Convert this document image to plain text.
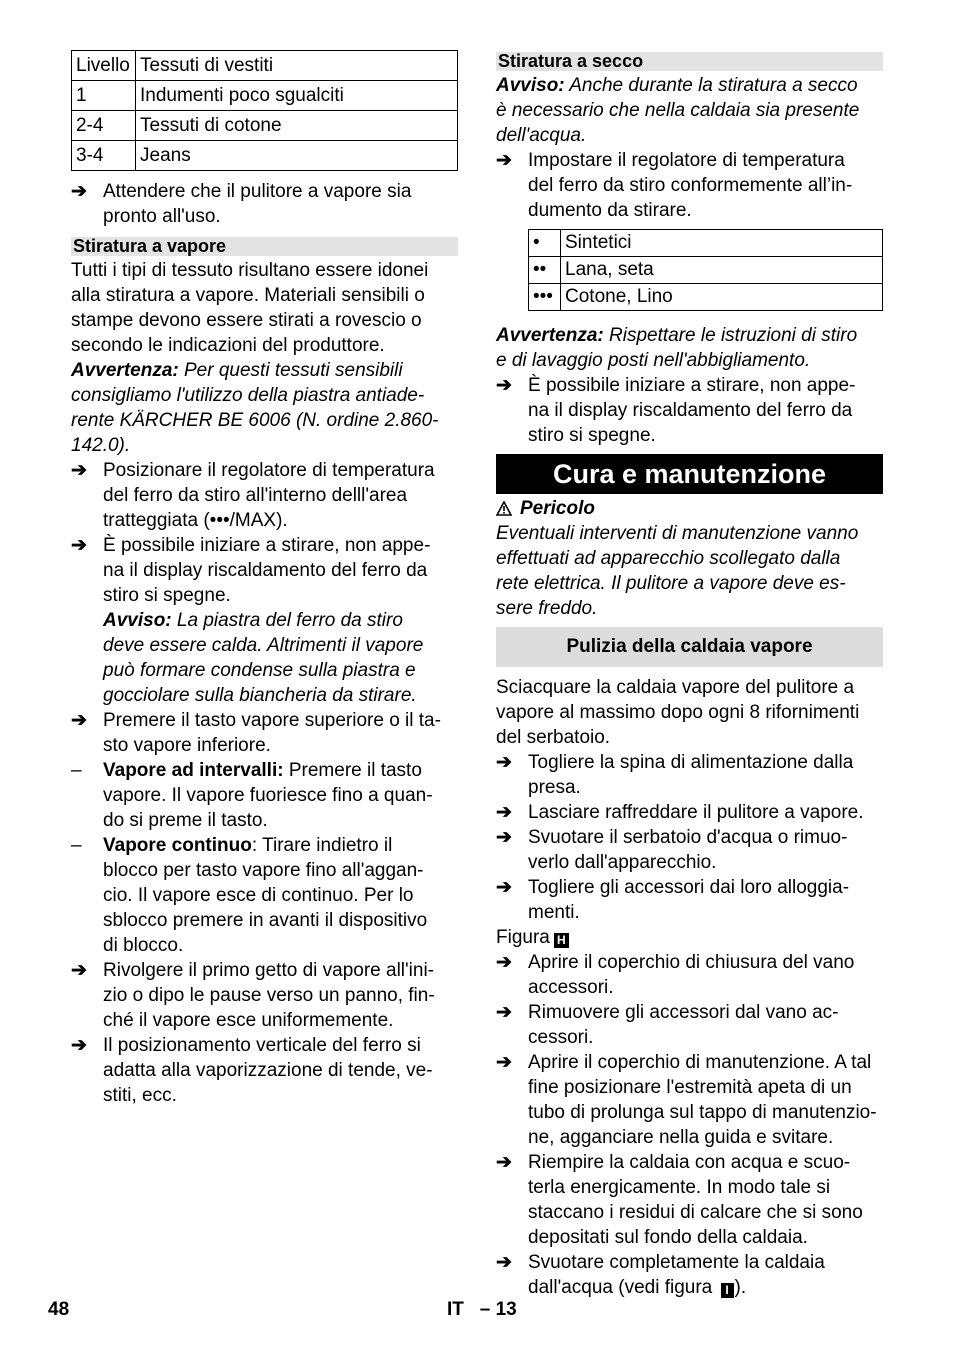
Livello	Tessuti di vestiti
1	Indumenti poco sgualciti
2-4	Tessuti di cotone
3-4	Jeans
➔ Attendere che il pulitore a vapore sia
pronto all'uso.
Stiratura a vapore
Tutti i tipi di tessuto risultano essere idonei
alla stiratura a vapore. Materiali sensibili o
stampe devono essere stirati a rovescio o
secondo le indicazioni del produttore.
Avvertenza: Per questi tessuti sensibili
consigliamo l'utilizzo della piastra antiade-
rente KÄRCHER BE 6006 (N. ordine 2.860-
142.0).
➔ Posizionare il regolatore di temperatura
del ferro da stiro all'interno delll'area
tratteggiata (•••/MAX).
➔ È possibile iniziare a stirare, non appe-
na il display riscaldamento del ferro da
stiro si spegne.
Avviso: La piastra del ferro da stiro
deve essere calda. Altrimenti il vapore
può formare condense sulla piastra e
gocciolare sulla biancheria da stirare.
➔ Premere il tasto vapore superiore o il ta-
sto vapore inferiore.
– Vapore ad intervalli: Premere il tasto
vapore. Il vapore fuoriesce fino a quan-
do si preme il tasto.
– Vapore continuo: Tirare indietro il
blocco per tasto vapore fino all'aggan-
cio. Il vapore esce di continuo. Per lo
sblocco premere in avanti il dispositivo
di blocco.
➔ Rivolgere il primo getto di vapore all'ini-
zio o dipo le pause verso un panno, fin-
ché il vapore esce uniformemente.
➔ Il posizionamento verticale del ferro si
adatta alla vaporizzazione di tende, ve-
stiti, ecc.
Stiratura a secco
Avviso: Anche durante la stiratura a secco
è necessario che nella caldaia sia presente
dell'acqua.
➔ Impostare il regolatore di temperatura
del ferro da stiro conformemente all’in-
dumento da stirare.
•	Sintetici
••	Lana, seta
•••	Cotone, Lino
Avvertenza: Rispettare le istruzioni di stiro
e di lavaggio posti nell'abbigliamento.
➔ È possibile iniziare a stirare, non appe-
na il display riscaldamento del ferro da
stiro si spegne.
Cura e manutenzione
Pericolo
Eventuali interventi di manutenzione vanno
effettuati ad apparecchio scollegato dalla
rete elettrica. Il pulitore a vapore deve es-
sere freddo.
Pulizia della caldaia vapore
Sciacquare la caldaia vapore del pulitore a
vapore al massimo dopo ogni 8 rifornimenti
del serbatoio.
➔ Togliere la spina di alimentazione dalla
presa.
➔ Lasciare raffreddare il pulitore a vapore.
➔ Svuotare il serbatoio d'acqua o rimuo-
verlo dall'apparecchio.
➔ Togliere gli accessori dai loro alloggia-
menti.
Figura H
➔ Aprire il coperchio di chiusura del vano
accessori.
➔ Rimuovere gli accessori dal vano ac-
cessori.
➔ Aprire il coperchio di manutenzione. A tal
fine posizionare l'estremità apeta di un
tubo di prolunga sul tappo di manutenzio-
ne, agganciare nella guida e svitare.
➔ Riempire la caldaia con acqua e scuo-
terla energicamente. In modo tale si
staccano i residui di calcare che si sono
depositati sul fondo della caldaia.
➔ Svuotare completamente la caldaia
dall'acqua (vedi figura I ).
48	IT   – 13
